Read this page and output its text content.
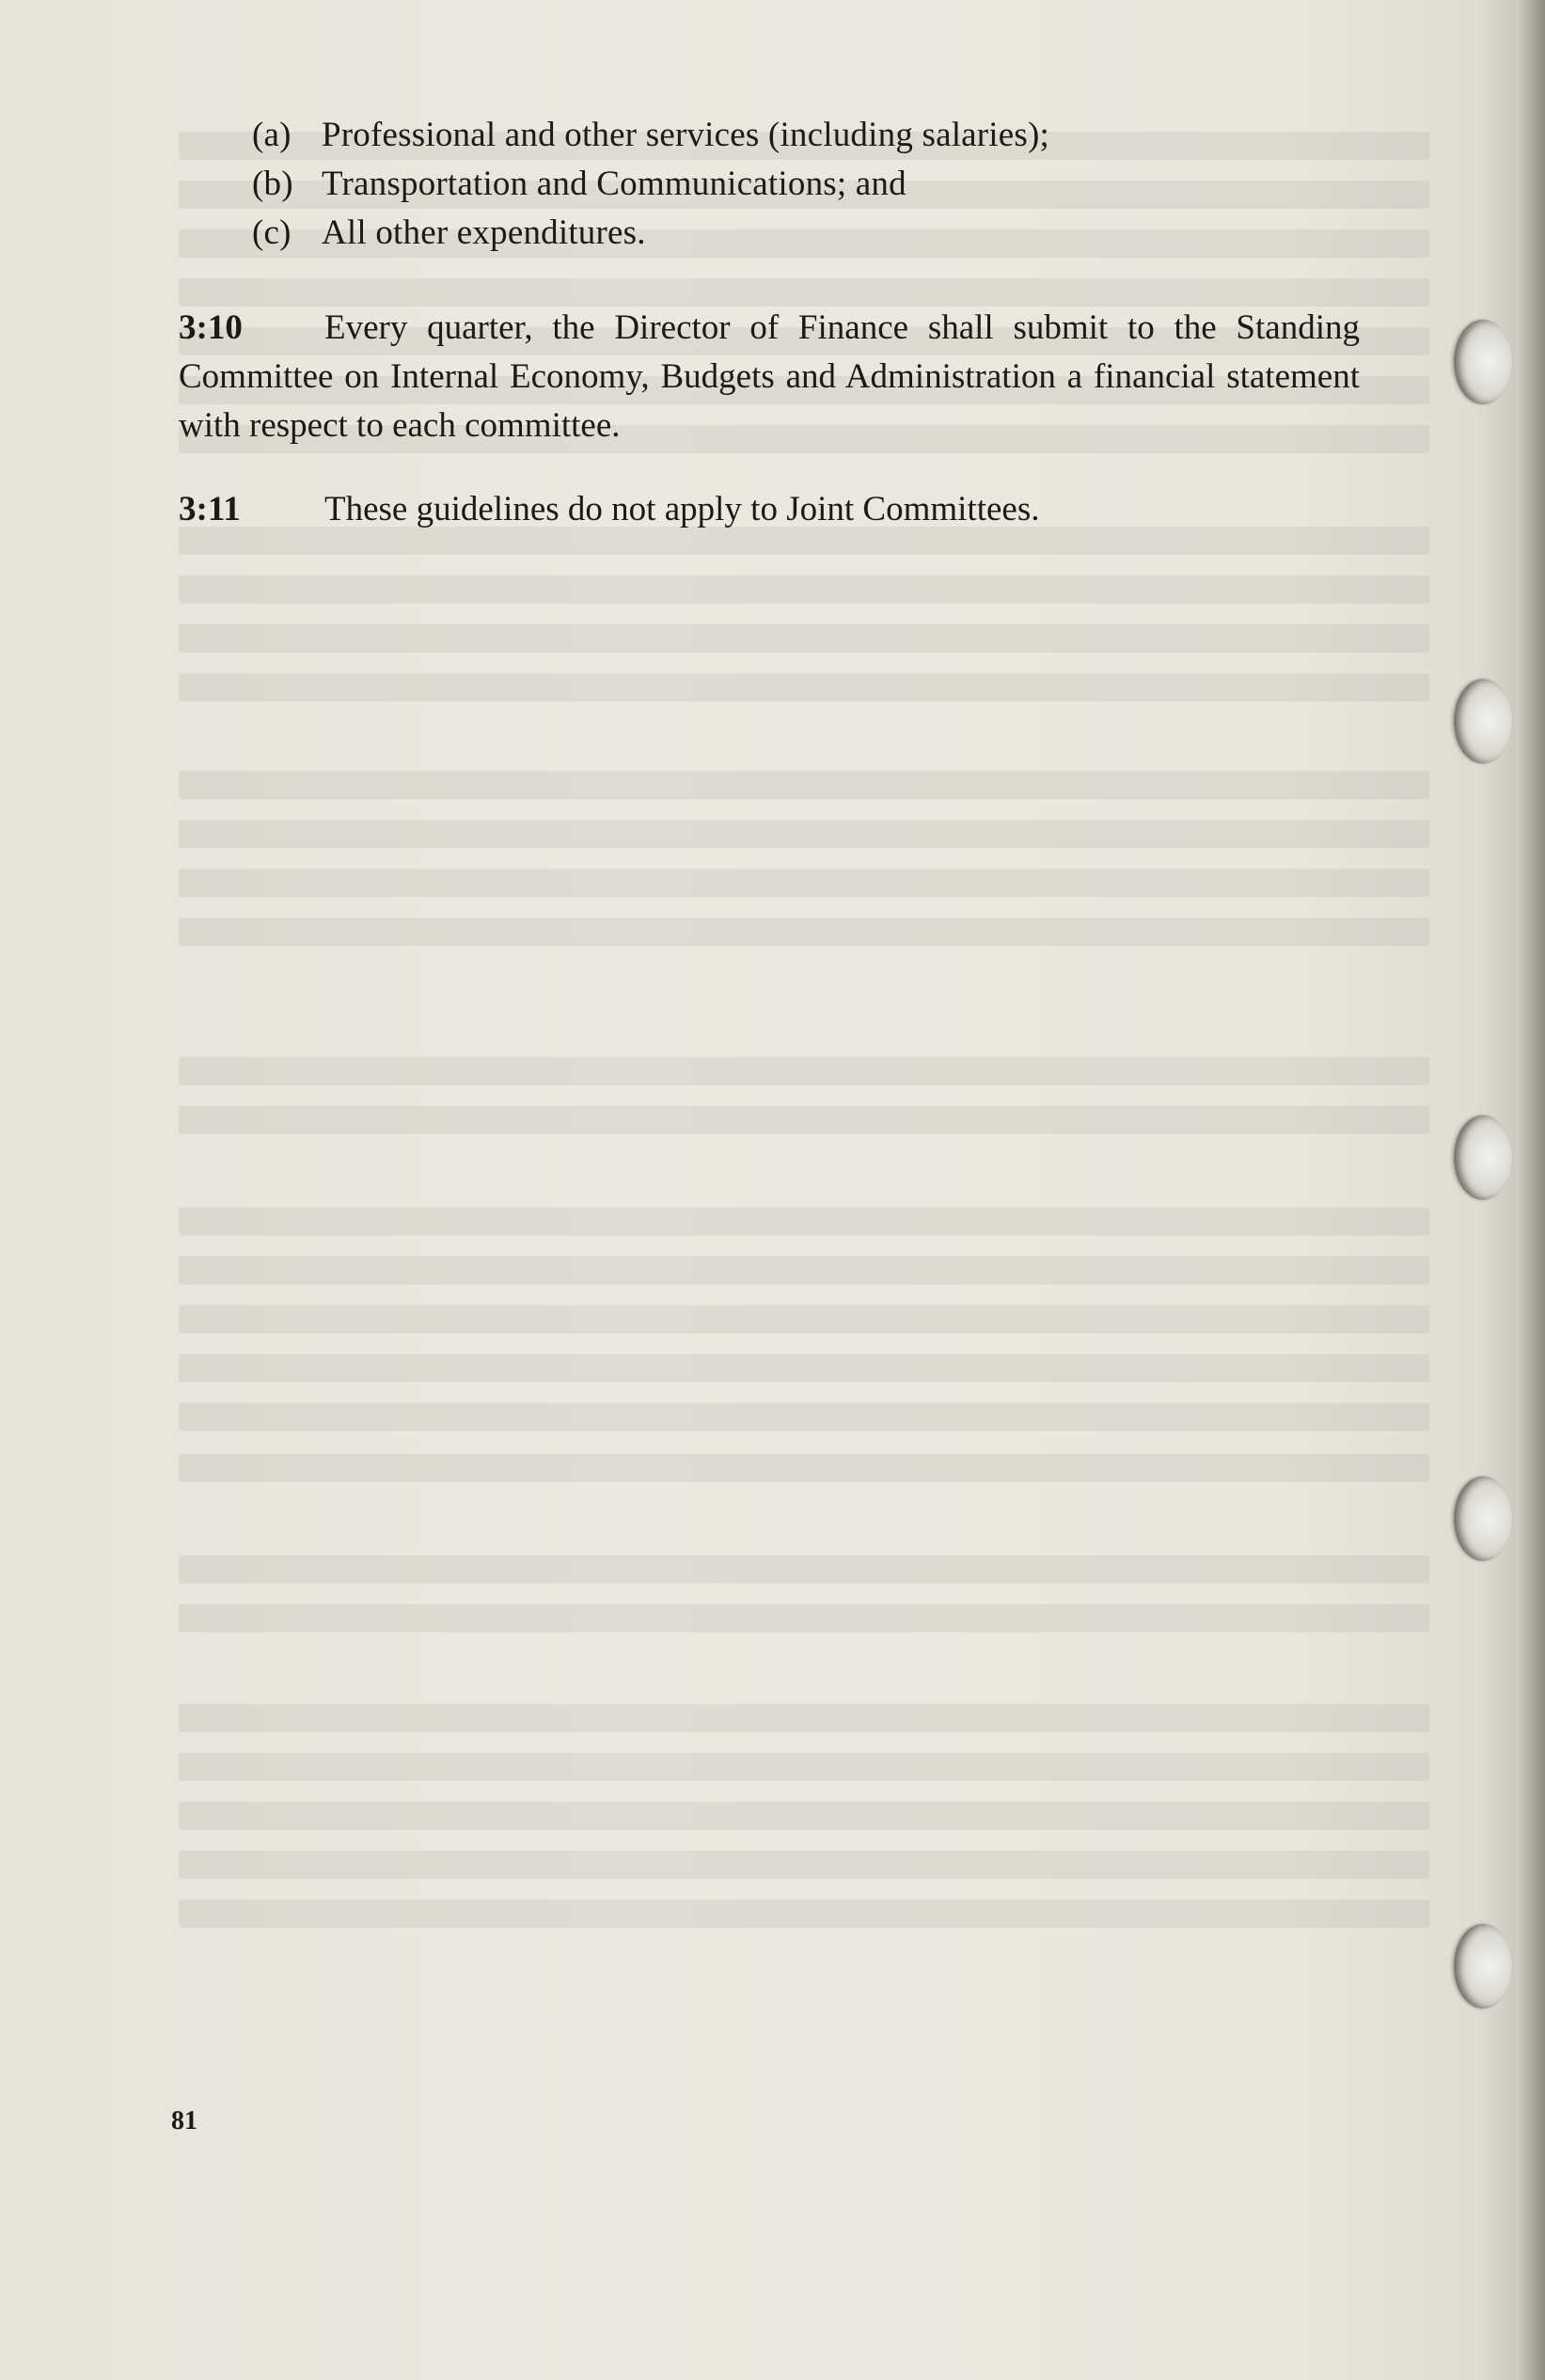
(a) Professional and other services (including salaries);
(b) Transportation and Communications; and
(c) All other expenditures.

3:10 Every quarter, the Director of Finance shall submit to the Standing Committee on Internal Economy, Budgets and Administration a financial statement with respect to each committee.

3:11 These guidelines do not apply to Joint Committees.

81
